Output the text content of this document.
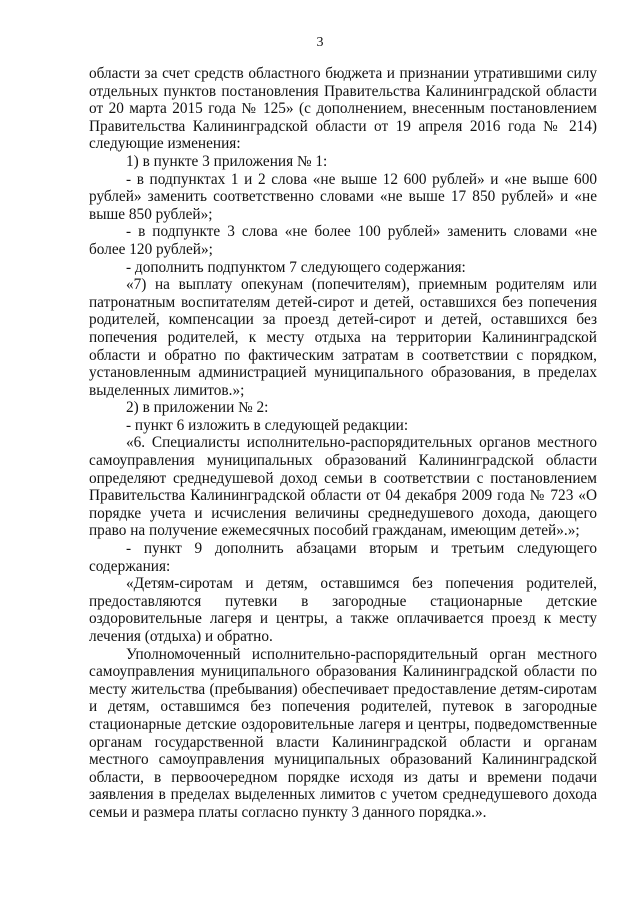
3

области за счет средств областного бюджета и признании утратившими силу отдельных пунктов постановления Правительства Калининградской области от 20 марта 2015 года № 125» (с дополнением, внесенным постановлением Правительства Калининградской области от 19 апреля 2016 года № 214) следующие изменения:

1) в пункте 3 приложения № 1:

- в подпунктах 1 и 2 слова «не выше 12 600 рублей» и «не выше 600 рублей» заменить соответственно словами «не выше 17 850 рублей» и «не выше 850 рублей»;

- в подпункте 3 слова «не более 100 рублей» заменить словами «не более 120 рублей»;

- дополнить подпунктом 7 следующего содержания:

«7) на выплату опекунам (попечителям), приемным родителям или патронатным воспитателям детей-сирот и детей, оставшихся без попечения родителей, компенсации за проезд детей-сирот и детей, оставшихся без попечения родителей, к месту отдыха на территории Калининградской области и обратно по фактическим затратам в соответствии с порядком, установленным администрацией муниципального образования, в пределах выделенных лимитов.»;

2) в приложении № 2:

- пункт 6 изложить в следующей редакции:

«6. Специалисты исполнительно-распорядительных органов местного самоуправления муниципальных образований Калининградской области определяют среднедушевой доход семьи в соответствии с постановлением Правительства Калининградской области от 04 декабря 2009 года № 723 «О порядке учета и исчисления величины среднедушевого дохода, дающего право на получение ежемесячных пособий гражданам, имеющим детей».»;

- пункт 9 дополнить абзацами вторым и третьим следующего содержания:

«Детям-сиротам и детям, оставшимся без попечения родителей, предоставляются путевки в загородные стационарные детские оздоровительные лагеря и центры, а также оплачивается проезд к месту лечения (отдыха) и обратно.

Уполномоченный исполнительно-распорядительный орган местного самоуправления муниципального образования Калининградской области по месту жительства (пребывания) обеспечивает предоставление детям-сиротам и детям, оставшимся без попечения родителей, путевок в загородные стационарные детские оздоровительные лагеря и центры, подведомственные органам государственной власти Калининградской области и органам местного самоуправления муниципальных образований Калининградской области, в первоочередном порядке исходя из даты и времени подачи заявления в пределах выделенных лимитов с учетом среднедушевого дохода семьи и размера платы согласно пункту 3 данного порядка.».
